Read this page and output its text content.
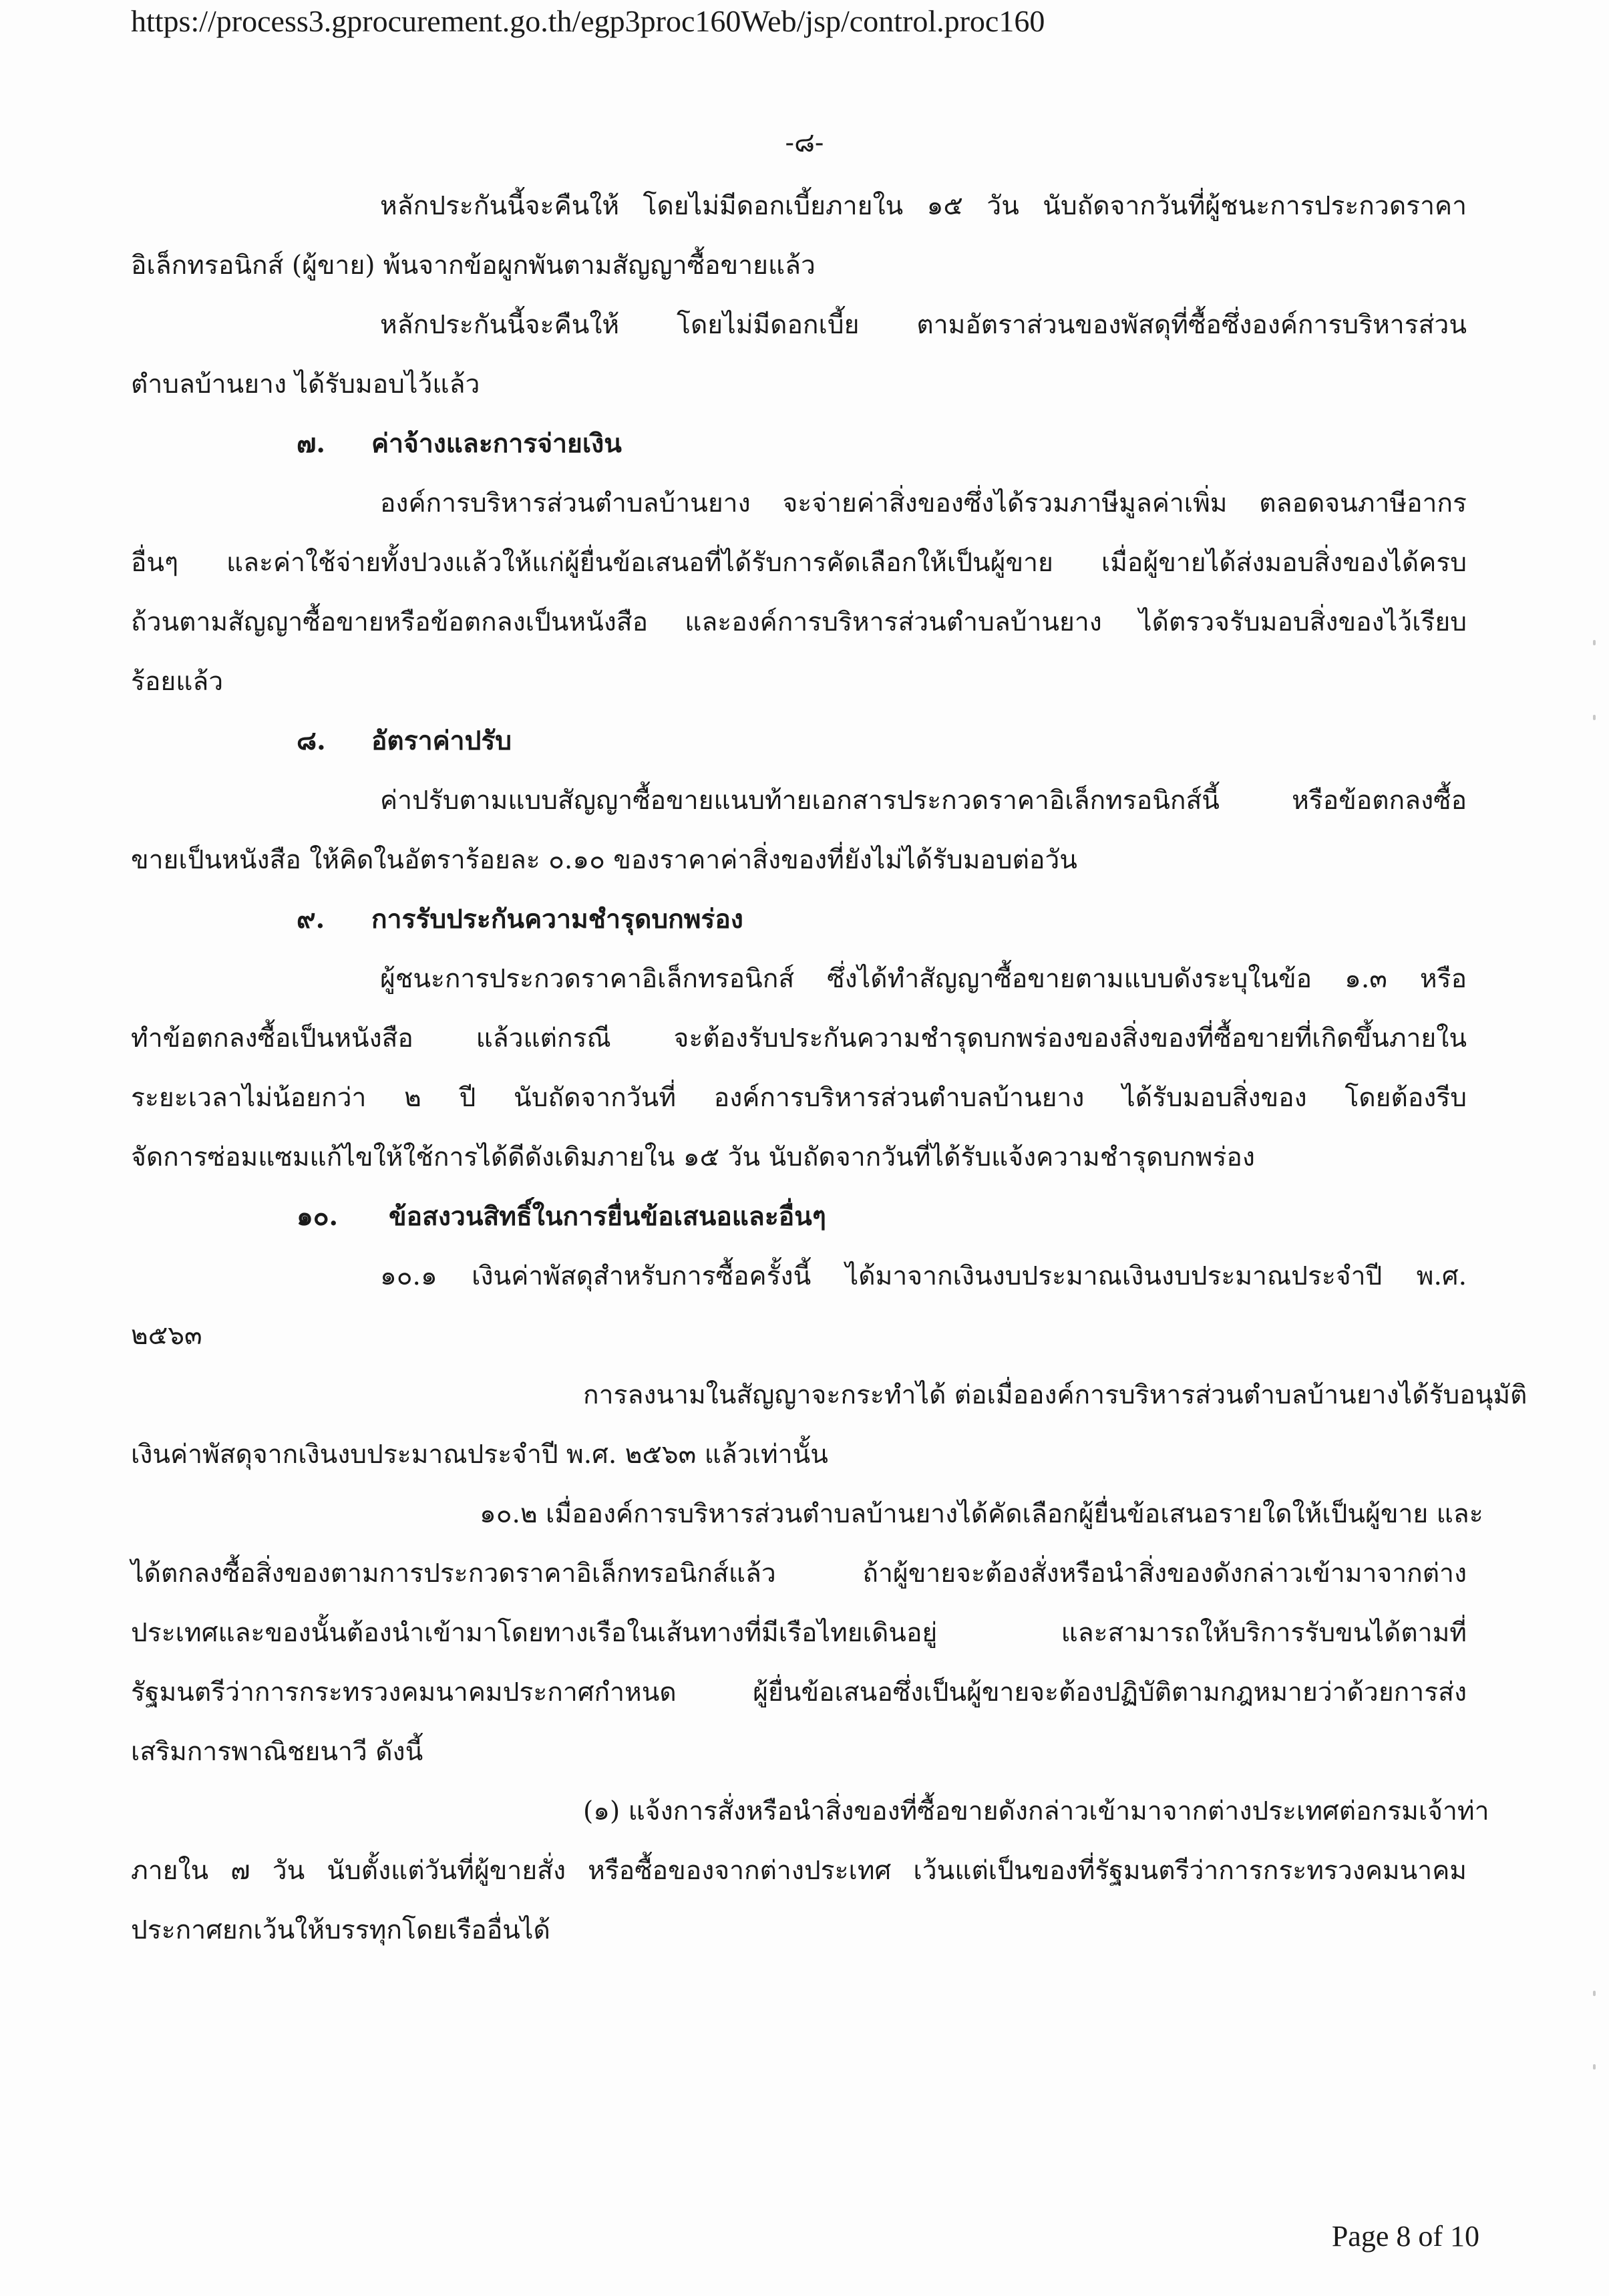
https://process3.gprocurement.go.th/egp3proc160Web/jsp/control.proc160
-๘-
หลักประกันนี้จะคืนให้ โดยไม่มีดอกเบี้ยภายใน ๑๕ วัน นับถัดจากวันที่ผู้ชนะการประกวดราคา
อิเล็กทรอนิกส์ (ผู้ขาย) พ้นจากข้อผูกพันตามสัญญาซื้อขายแล้ว
หลักประกันนี้จะคืนให้ โดยไม่มีดอกเบี้ย ตามอัตราส่วนของพัสดุที่ซื้อซึ่งองค์การบริหารส่วน
ตำบลบ้านยาง ได้รับมอบไว้แล้ว
๗. ค่าจ้างและการจ่ายเงิน
องค์การบริหารส่วนตำบลบ้านยาง จะจ่ายค่าสิ่งของซึ่งได้รวมภาษีมูลค่าเพิ่ม ตลอดจนภาษีอากร
อื่นๆ และค่าใช้จ่ายทั้งปวงแล้วให้แก่ผู้ยื่นข้อเสนอที่ได้รับการคัดเลือกให้เป็นผู้ขาย เมื่อผู้ขายได้ส่งมอบสิ่งของได้ครบ
ถ้วนตามสัญญาซื้อขายหรือข้อตกลงเป็นหนังสือ และองค์การบริหารส่วนตำบลบ้านยาง ได้ตรวจรับมอบสิ่งของไว้เรียบ
ร้อยแล้ว
๘. อัตราค่าปรับ
ค่าปรับตามแบบสัญญาซื้อขายแนบท้ายเอกสารประกวดราคาอิเล็กทรอนิกส์นี้ หรือข้อตกลงซื้อ
ขายเป็นหนังสือ ให้คิดในอัตราร้อยละ ๐.๑๐ ของราคาค่าสิ่งของที่ยังไม่ได้รับมอบต่อวัน
๙. การรับประกันความชำรุดบกพร่อง
ผู้ชนะการประกวดราคาอิเล็กทรอนิกส์ ซึ่งได้ทำสัญญาซื้อขายตามแบบดังระบุในข้อ ๑.๓ หรือ
ทำข้อตกลงซื้อเป็นหนังสือ แล้วแต่กรณี จะต้องรับประกันความชำรุดบกพร่องของสิ่งของที่ซื้อขายที่เกิดขึ้นภายใน
ระยะเวลาไม่น้อยกว่า ๒ ปี นับถัดจากวันที่ องค์การบริหารส่วนตำบลบ้านยาง ได้รับมอบสิ่งของ โดยต้องรีบ
จัดการซ่อมแซมแก้ไขให้ใช้การได้ดีดังเดิมภายใน ๑๕ วัน นับถัดจากวันที่ได้รับแจ้งความชำรุดบกพร่อง
๑๐. ข้อสงวนสิทธิ์ในการยื่นข้อเสนอและอื่นๆ
๑๐.๑ เงินค่าพัสดุสำหรับการซื้อครั้งนี้ ได้มาจากเงินงบประมาณเงินงบประมาณประจำปี พ.ศ.
๒๕๖๓
การลงนามในสัญญาจะกระทำได้ ต่อเมื่อองค์การบริหารส่วนตำบลบ้านยางได้รับอนุมัติ
เงินค่าพัสดุจากเงินงบประมาณประจำปี พ.ศ. ๒๕๖๓ แล้วเท่านั้น
๑๐.๒ เมื่อองค์การบริหารส่วนตำบลบ้านยางได้คัดเลือกผู้ยื่นข้อเสนอรายใดให้เป็นผู้ขาย และ
ได้ตกลงซื้อสิ่งของตามการประกวดราคาอิเล็กทรอนิกส์แล้ว ถ้าผู้ขายจะต้องสั่งหรือนำสิ่งของดังกล่าวเข้ามาจากต่าง
ประเทศและของนั้นต้องนำเข้ามาโดยทางเรือในเส้นทางที่มีเรือไทยเดินอยู่ และสามารถให้บริการรับขนได้ตามที่
รัฐมนตรีว่าการกระทรวงคมนาคมประกาศกำหนด ผู้ยื่นข้อเสนอซึ่งเป็นผู้ขายจะต้องปฏิบัติตามกฎหมายว่าด้วยการส่ง
เสริมการพาณิชยนาวี ดังนี้
(๑) แจ้งการสั่งหรือนำสิ่งของที่ซื้อขายดังกล่าวเข้ามาจากต่างประเทศต่อกรมเจ้าท่า
ภายใน ๗ วัน นับตั้งแต่วันที่ผู้ขายสั่ง หรือซื้อของจากต่างประเทศ เว้นแต่เป็นของที่รัฐมนตรีว่าการกระทรวงคมนาคม
ประกาศยกเว้นให้บรรทุกโดยเรืออื่นได้
Page 8 of 10
